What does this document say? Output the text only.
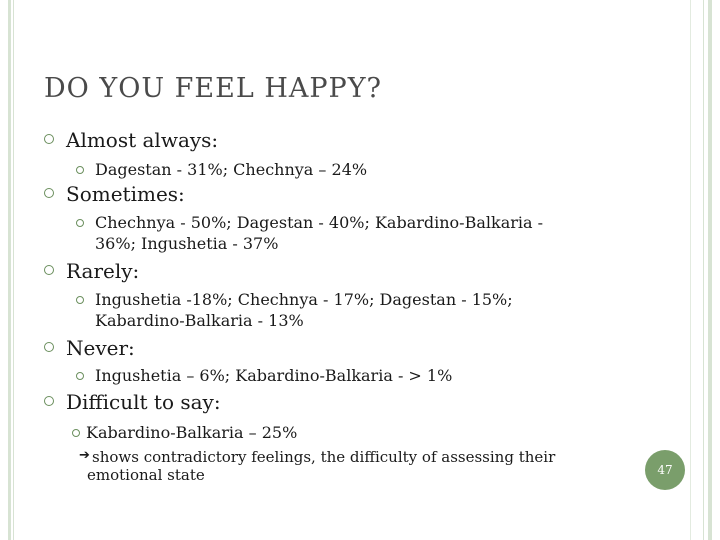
DO YOU FEEL HAPPY?
Almost always:
Dagestan - 31%; Chechnya – 24%
Sometimes:
Chechnya - 50%; Dagestan - 40%; Kabardino-Balkaria -
36%; Ingushetia - 37%
Rarely:
Ingushetia -18%; Chechnya - 17%; Dagestan - 15%;
Kabardino-Balkaria - 13%
Never:
Ingushetia – 6%; Kabardino-Balkaria - > 1%
Difficult to say:
Kabardino-Balkaria – 25%
➔ shows contradictory feelings, the difficulty of assessing their
emotional state	47
